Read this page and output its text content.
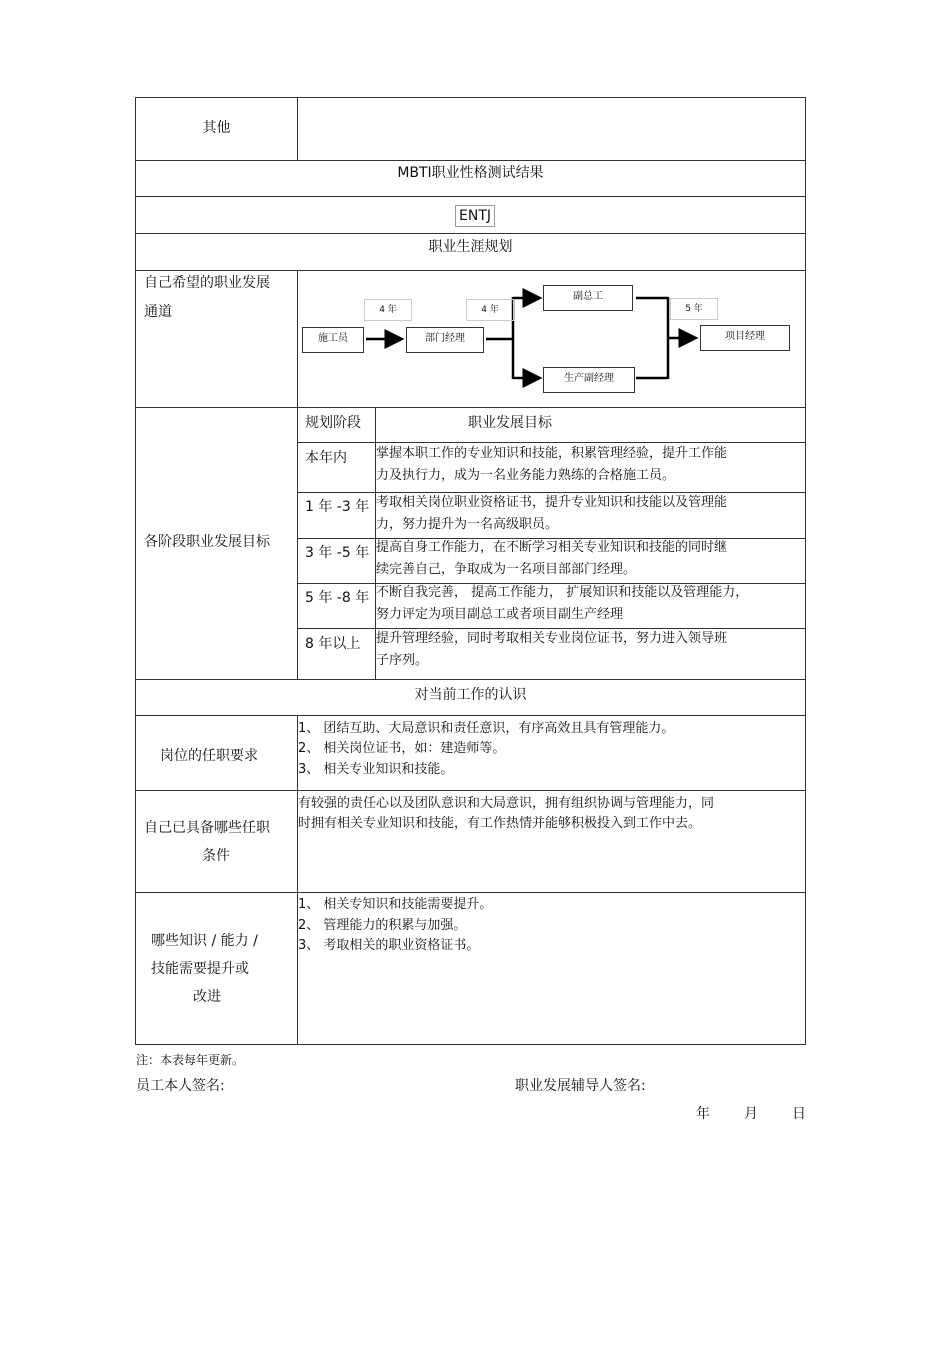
其他
MBTI职业性格测试结果
ENTJ
职业生涯规划
自己希望的职业发展
通道
施工员	部门经理
副总工
生产副经理
项目经理
4 年	4 年	5 年
各阶段职业发展目标
规划阶段	职业发展目标
本年内 掌握本职工作的专业知识和技能，积累管理经验，提升工作能
力及执行力，成为一名业务能力熟练的合格施工员。
1 年 -3 年 考取相关岗位职业资格证书，提升专业知识和技能以及管理能
力，努力提升为一名高级职员。
3 年 -5 年 提高自身工作能力，在不断学习相关专业知识和技能的同时继
续完善自己，争取成为一名项目部部门经理。
5 年 -8 年 不断自我完善， 提高工作能力， 扩展知识和技能以及管理能力，
努力评定为项目副总工或者项目副生产经理
8 年以上 提升管理经验，同时考取相关专业岗位证书，努力进入领导班
子序列。
对当前工作的认识
岗位的任职要求
1、 团结互助、大局意识和责任意识，有序高效且具有管理能力。
2、 相关岗位证书，如：建造师等。
3、 相关专业知识和技能。
自己已具备哪些任职
条件
有较强的责任心以及团队意识和大局意识，拥有组织协调与管理能力，同
时拥有相关专业知识和技能，有工作热情并能够积极投入到工作中去。
哪些知识 / 能力 /
技能需要提升或
改进
1、 相关专知识和技能需要提升。
2、 管理能力的积累与加强。
3、 考取相关的职业资格证书。
注：本表每年更新。
员工本人签名:	职业发展辅导人签名:
年 月 日
